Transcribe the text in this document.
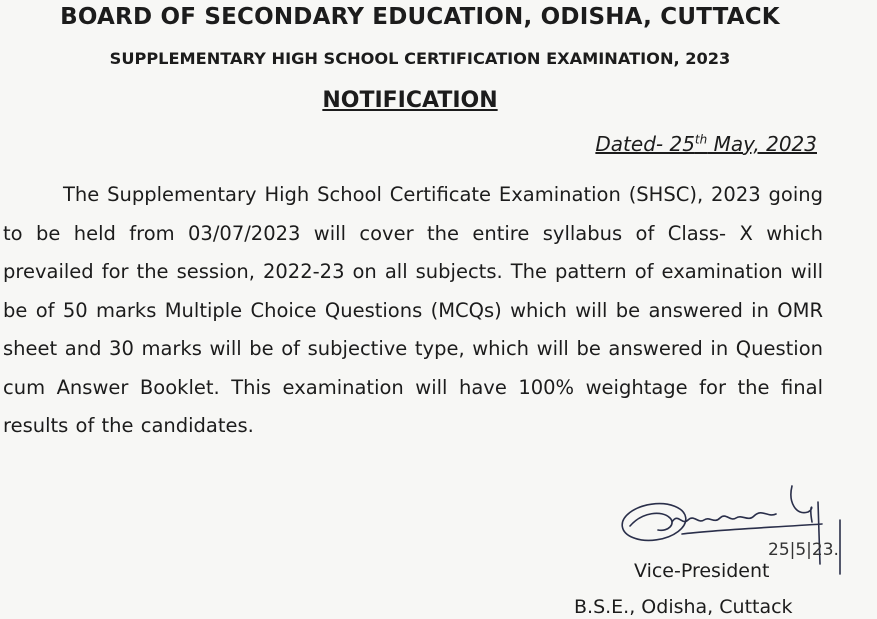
BOARD OF SECONDARY EDUCATION, ODISHA, CUTTACK
SUPPLEMENTARY HIGH SCHOOL CERTIFICATION EXAMINATION, 2023
NOTIFICATION
Dated- 25th May, 2023
The Supplementary High School Certificate Examination (SHSC), 2023 going to be held from 03/07/2023 will cover the entire syllabus of Class- X which prevailed for the session, 2022-23 on all subjects. The pattern of examination will be of 50 marks Multiple Choice Questions (MCQs) which will be answered in OMR sheet and 30 marks will be of subjective type, which will be answered in Question cum Answer Booklet. This examination will have 100% weightage for the final results of the candidates.
25|5|23.
Vice-President
B.S.E., Odisha, Cuttack
